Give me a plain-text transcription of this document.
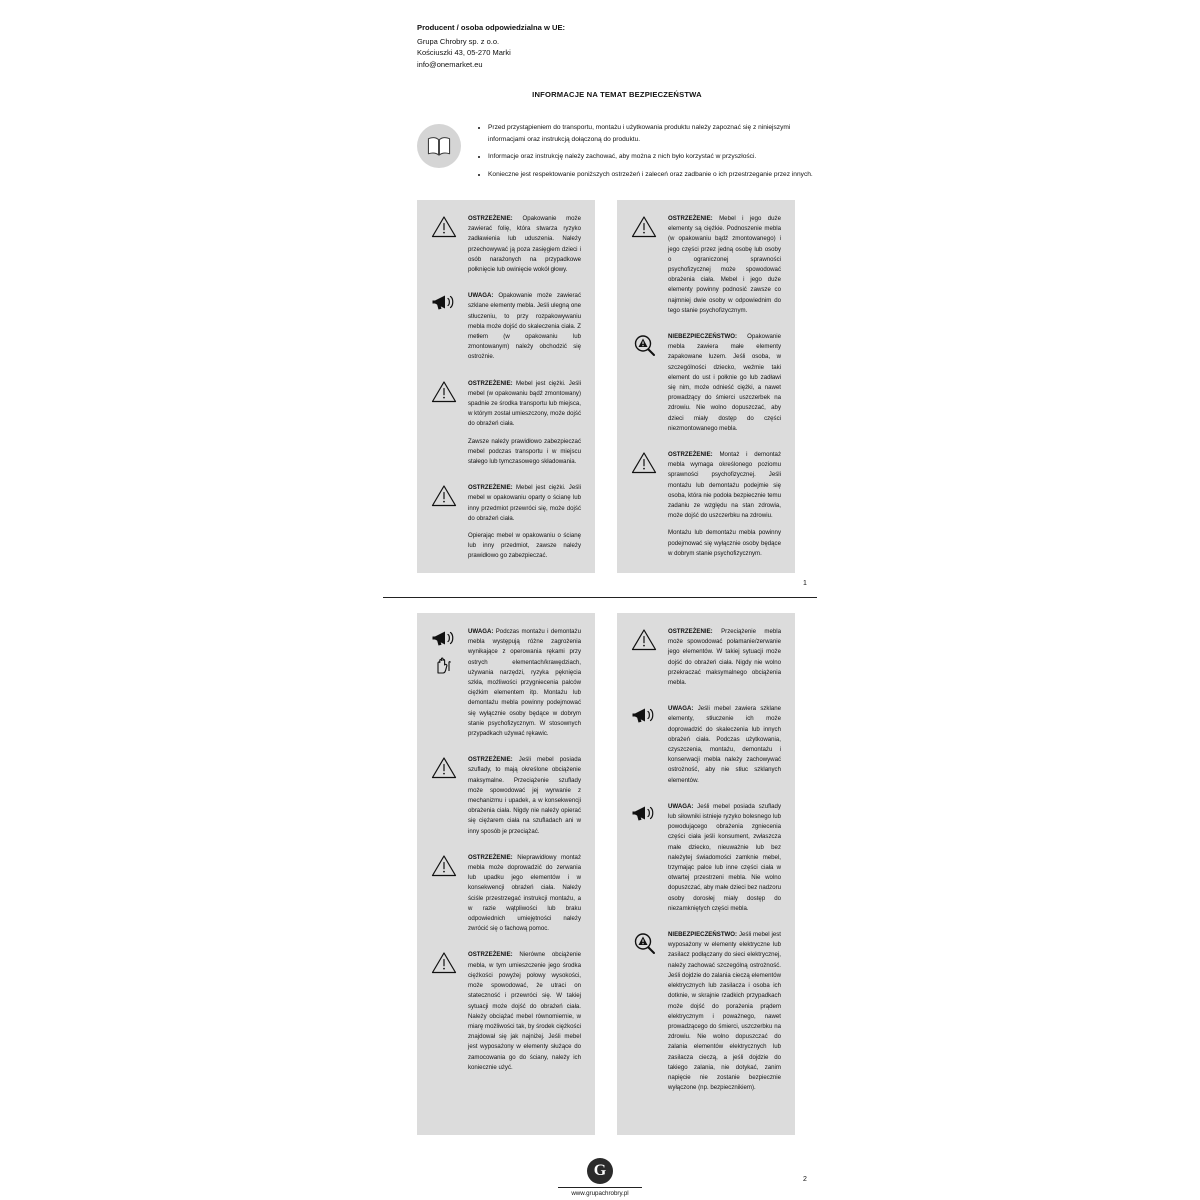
Producent / osoba odpowiedzialna w UE:
Grupa Chrobry sp. z o.o.
Kościuszki 43, 05-270 Marki
info@onemarket.eu
INFORMACJE NA TEMAT BEZPIECZEŃSTWA
• Przed przystąpieniem do transportu, montażu i użytkowania produktu należy zapoznać się z niniejszymi informacjami oraz instrukcją dołączoną do produktu.
• Informacje oraz instrukcję należy zachować, aby można z nich było korzystać w przyszłości.
• Konieczne jest respektowanie poniższych ostrzeżeń i zaleceń oraz zadbanie o ich przestrzeganie przez innych.

OSTRZEŻENIE: Opakowanie może zawierać folię, która stwarza ryzyko zadławienia lub uduszenia. Należy przechowywać ją poza zasięgiem dzieci i osób narażonych na przypadkowe połknięcie lub owinięcie wokół głowy.

UWAGA: Opakowanie może zawierać szklane elementy mebla. Jeśli ulegną one stłuczeniu, to przy rozpakowywaniu mebla może dojść do skaleczenia ciała. Z metłem (w opakowaniu lub zmontowanym) należy obchodzić się ostrożnie.

OSTRZEŻENIE: Mebel jest ciężki. Jeśli mebel (w opakowaniu bądź zmontowany) spadnie ze środka transportu lub miejsca, w którym został umieszczony, może dojść do obrażeń ciała.

Zawsze należy prawidłowo zabezpieczać mebel podczas transportu i w miejscu stałego lub tymczasowego składowania.

OSTRZEŻENIE: Mebel jest ciężki. Jeśli mebel w opakowaniu oparty o ścianę lub inny przedmiot przewróci się, może dojść do obrażeń ciała.

Opierając mebel w opakowaniu o ścianę lub inny przedmiot, zawsze należy prawidłowo go zabezpieczać.

OSTRZEŻENIE: Mebel i jego duże elementy są ciężkie. Podnoszenie mebla (w opakowaniu bądź zmontowanego) i jego części przez jedną osobę lub osoby o ograniczonej sprawności psychofizycznej może spowodować obrażenia ciała. Mebel i jego duże elementy powinny podnosić zawsze co najmniej dwie osoby w odpowiednim do tego stanie psychofizycznym.

NIEBEZPIECZEŃSTWO: Opakowanie mebla zawiera małe elementy zapakowane luzem. Jeśli osoba, w szczególności dziecko, weźmie taki element do ust i połknie go lub zadławi się nim, może odnieść ciężki, a nawet prowadzący do śmierci uszczerbek na zdrowiu. Nie wolno dopuszczać, aby dzieci miały dostęp do części niezmontowanego mebla.

OSTRZEŻENIE: Montaż i demontaż mebla wymaga określonego poziomu sprawności psychofizycznej. Jeśli montażu lub demontażu podejmie się osoba, która nie podoła bezpiecznie temu zadaniu ze względu na stan zdrowia, może dojść do uszczerbku na zdrowiu.

Montażu lub demontażu mebla powinny podejmować się wyłącznie osoby będące w dobrym stanie psychofizycznym.

1

UWAGA: Podczas montażu i demontażu mebla występują różne zagrożenia wynikające z operowania rękami przy ostrych elementach/krawędziach, używania narzędzi, ryzyka pęknięcia szkła, możliwości przygniecenia palców ciężkim elementem itp. Montażu lub demontażu mebla powinny podejmować się wyłącznie osoby będące w dobrym stanie psychofizycznym. W stosownych przypadkach używać rękawic.

OSTRZEŻENIE: Jeśli mebel posiada szuflady, to mają określone obciążenie maksymalne. Przeciążenie szuflady może spowodować jej wyrwanie z mechanizmu i upadek, a w konsekwencji obrażenia ciała. Nigdy nie należy opierać się ciężarem ciała na szufladach ani w inny sposób je przeciążać.

OSTRZEŻENIE: Nieprawidłowy montaż mebla może doprowadzić do zerwania lub upadku jego elementów i w konsekwencji obrażeń ciała. Należy ściśle przestrzegać instrukcji montażu, a w razie wątpliwości lub braku odpowiednich umiejętności należy zwrócić się o fachową pomoc.

OSTRZEŻENIE: Nierówne obciążenie mebla, w tym umieszczenie jego środka ciężkości powyżej połowy wysokości, może spowodować, że utraci on stateczność i przewróci się. W takiej sytuacji może dojść do obrażeń ciała. Należy obciążać mebel równomiernie, w miarę możliwości tak, by środek ciężkości znajdował się jak najniżej. Jeśli mebel jest wyposażony w elementy służące do zamocowania go do ściany, należy ich koniecznie użyć.

OSTRZEŻENIE: Przeciążenie mebla może spowodować połamanie/zerwanie jego elementów. W takiej sytuacji może dojść do obrażeń ciała. Nigdy nie wolno przekraczać maksymalnego obciążenia mebla.

UWAGA: Jeśli mebel zawiera szklane elementy, stłuczenie ich może doprowadzić do skaleczenia lub innych obrażeń ciała. Podczas użytkowania, czyszczenia, montażu, demontażu i konserwacji mebla należy zachowywać ostrożność, aby nie stłuc szklanych elementów.

UWAGA: Jeśli mebel posiada szuflady lub siłowniki istnieje ryzyko bolesnego lub powodującego obrażenia zgniecenia części ciała jeśli konsument, zwłaszcza małe dziecko, nieuważnie lub bez należytej świadomości zamknie mebel, trzymając palce lub inne części ciała w otwartej przestrzeni mebla. Nie wolno dopuszczać, aby małe dzieci bez nadzoru osoby dorosłej miały dostęp do niezamkniętych części mebla.

NIEBEZPIECZEŃSTWO: Jeśli mebel jest wyposażony w elementy elektryczne lub zasilacz podłączany do sieci elektrycznej, należy zachować szczególną ostrożność. Jeśli dojdzie do zalania cieczą elementów elektrycznych lub zasilacza i osoba ich dotknie, w skrajnie rzadkich przypadkach może dojść do porażenia prądem elektrycznym i poważnego, nawet prowadzącego do śmierci, uszczerbku na zdrowiu. Nie wolno dopuszczać do zalania elementów elektrycznych lub zasilacza cieczą, a jeśli dojdzie do takiego zalania, nie dotykać, zanim napięcie nie zostanie bezpiecznie wyłączone (np. bezpiecznikiem).

G
www.grupachrobry.pl
2
